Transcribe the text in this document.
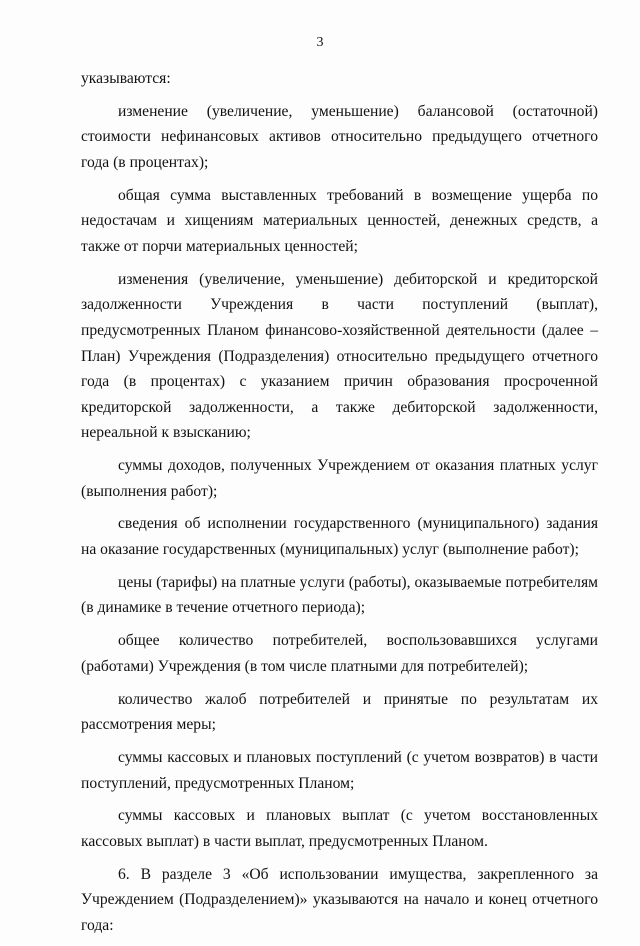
3

указываются:

изменение (увеличение, уменьшение) балансовой (остаточной) стоимости нефинансовых активов относительно предыдущего отчетного года (в процентах);

общая сумма выставленных требований в возмещение ущерба по недостачам и хищениям материальных ценностей, денежных средств, а также от порчи материальных ценностей;

изменения (увеличение, уменьшение) дебиторской и кредиторской задолженности Учреждения в части поступлений (выплат), предусмотренных Планом финансово-хозяйственной деятельности (далее – План) Учреждения (Подразделения) относительно предыдущего отчетного года (в процентах) с указанием причин образования просроченной кредиторской задолженности, а также дебиторской задолженности, нереальной к взысканию;

суммы доходов, полученных Учреждением от оказания платных услуг (выполнения работ);

сведения об исполнении государственного (муниципального) задания на оказание государственных (муниципальных) услуг (выполнение работ);

цены (тарифы) на платные услуги (работы), оказываемые потребителям (в динамике в течение отчетного периода);

общее количество потребителей, воспользовавшихся услугами (работами) Учреждения (в том числе платными для потребителей);

количество жалоб потребителей и принятые по результатам их рассмотрения меры;

суммы кассовых и плановых поступлений (с учетом возвратов) в части поступлений, предусмотренных Планом;

суммы кассовых и плановых выплат (с учетом восстановленных кассовых выплат) в части выплат, предусмотренных Планом.

6. В разделе 3 «Об использовании имущества, закрепленного за Учреждением (Подразделением)» указываются на начало и конец отчетного года:
